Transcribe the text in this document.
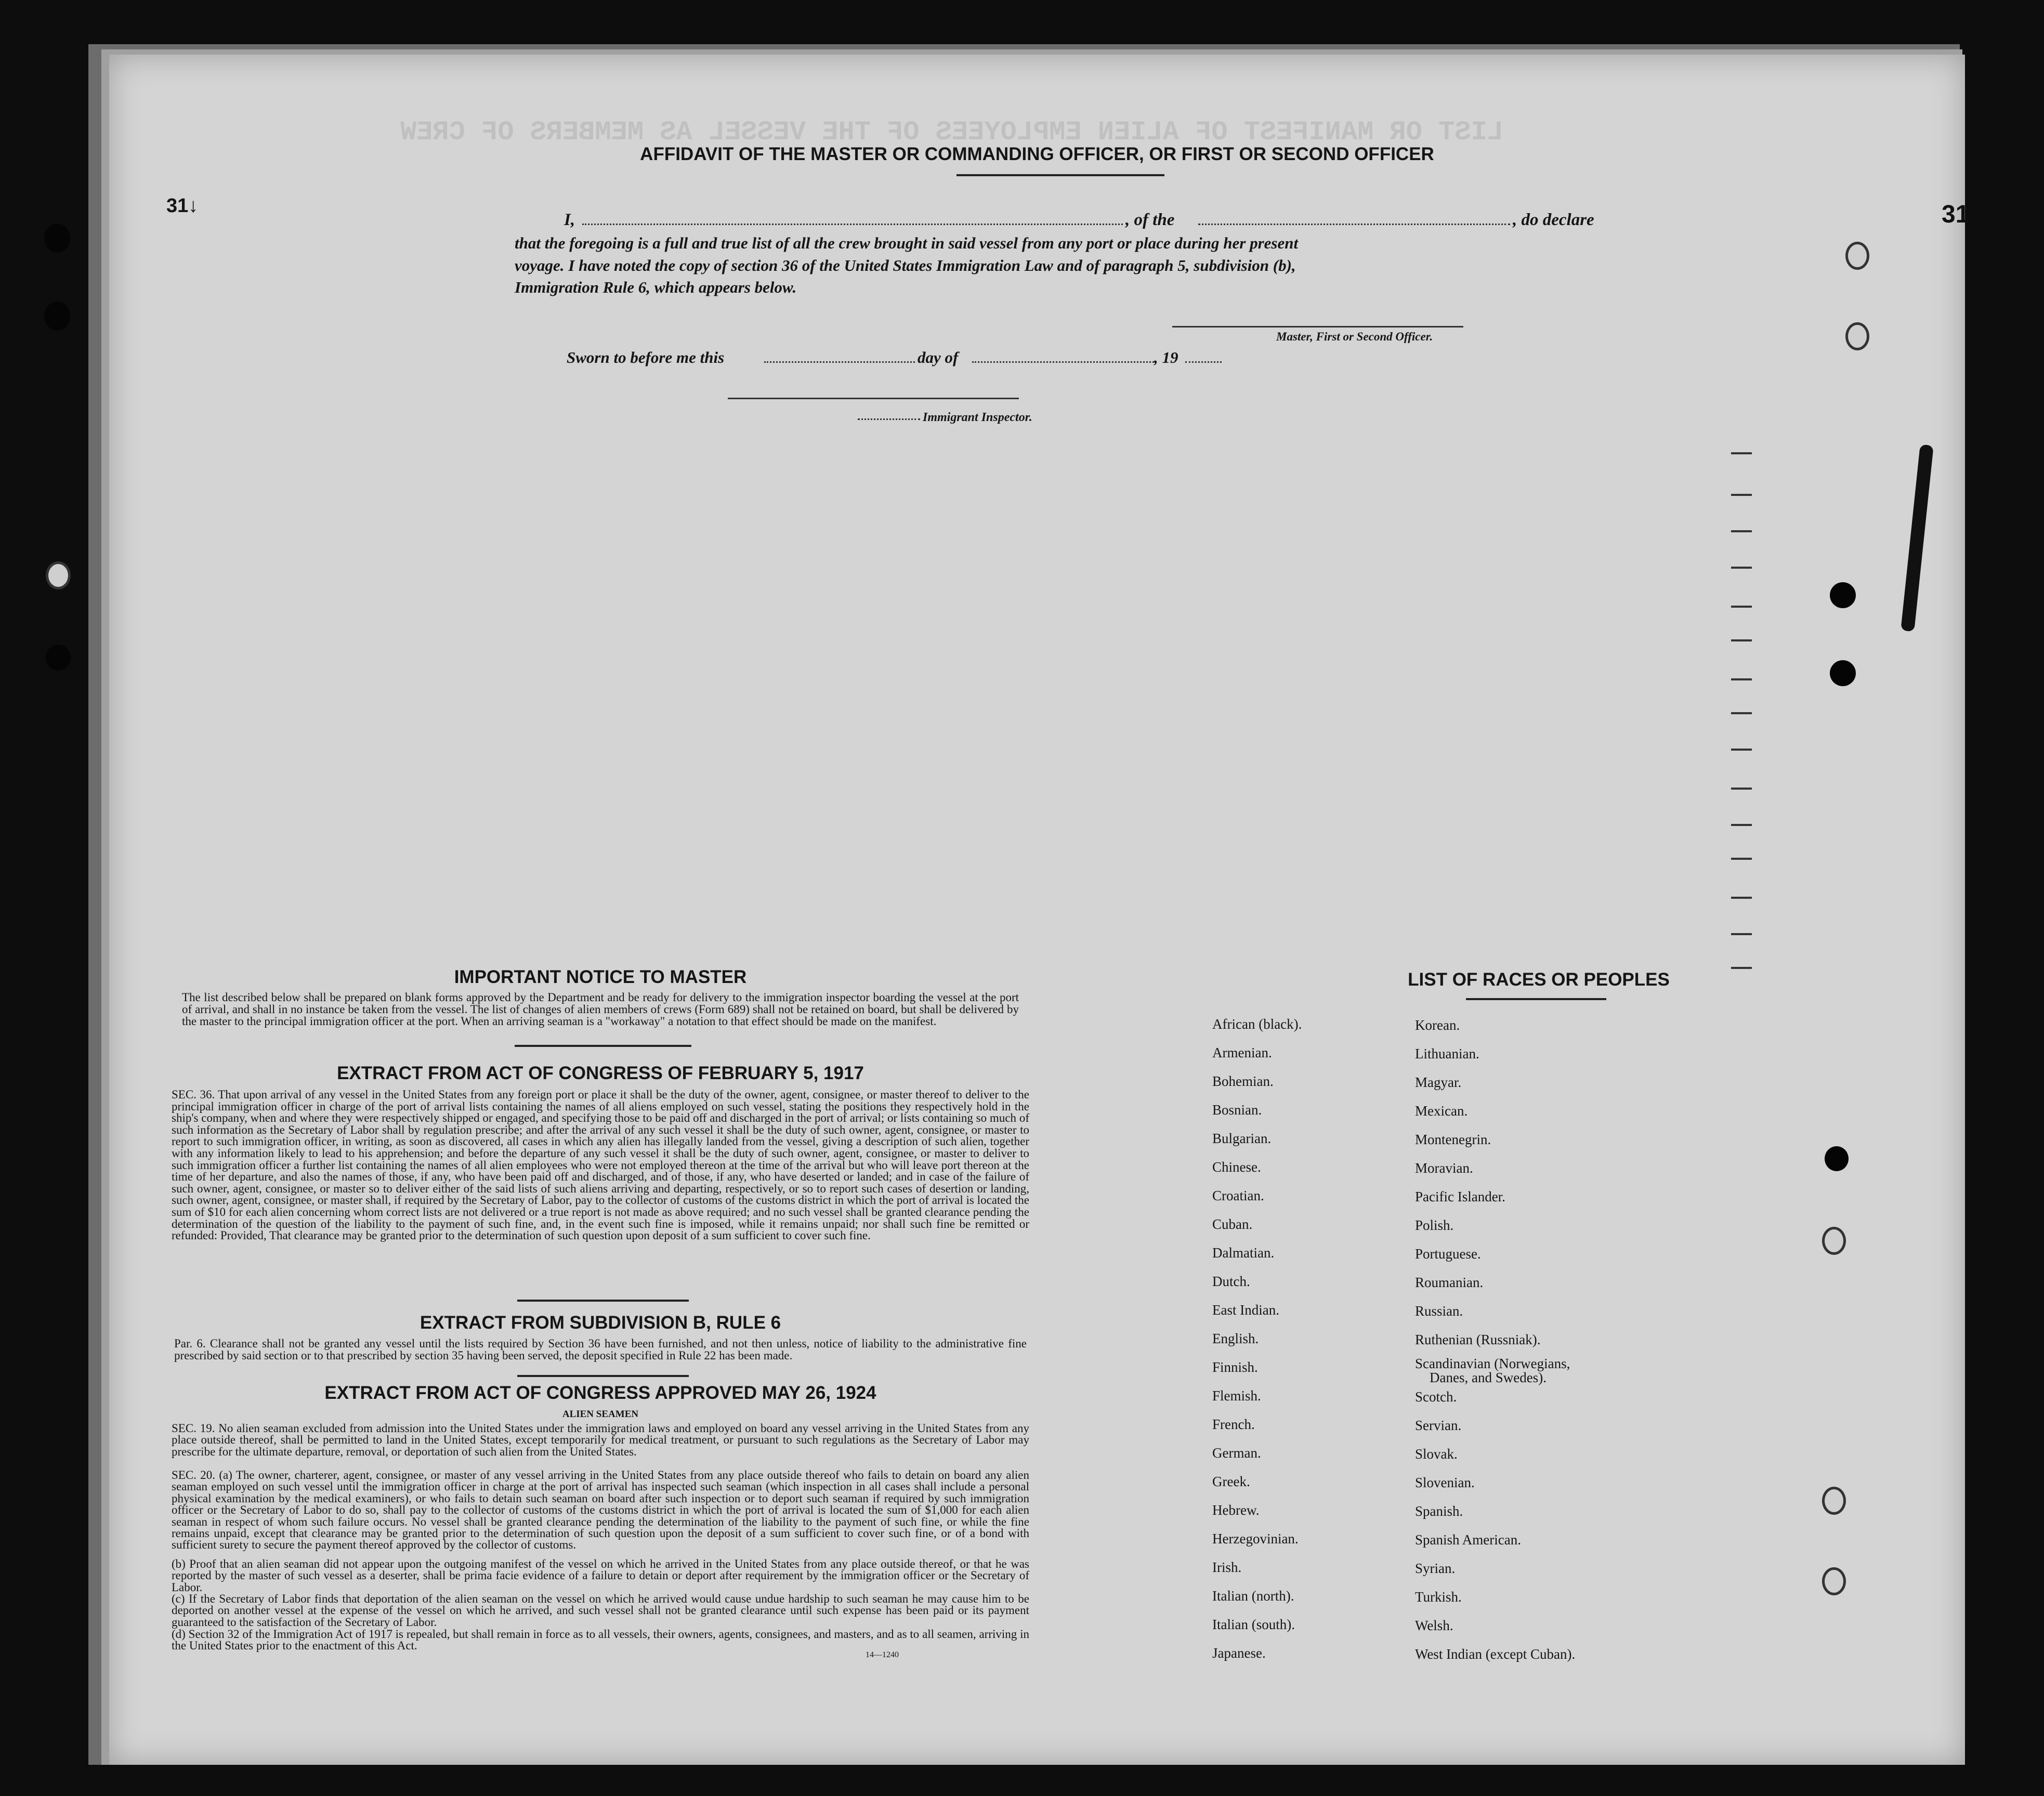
LIST OR MANIFEST OF ALIEN EMPLOYEES OF THE VESSEL AS MEMBERS OF CREW
31
31↓
AFFIDAVIT OF THE MASTER OR COMMANDING OFFICER, OR FIRST OR SECOND OFFICER
I,	, of the	, do declare
that the foregoing is a full and true list of all the crew brought in said vessel from any port or place during her present
voyage. I have noted the copy of section 36 of the United States Immigration Law and of paragraph 5, subdivision (b),
Immigration Rule 6, which appears below.
Master, First or Second Officer.
Sworn to before me this	day of	, 19
Immigrant Inspector.
IMPORTANT NOTICE TO MASTER
The list described below shall be prepared on blank forms approved by the Department and be ready for delivery to the immigration inspector boarding the vessel at the port of arrival, and shall in no instance be taken from the vessel. The list of changes of alien members of crews (Form 689) shall not be retained on board, but shall be delivered by the master to the principal immigration officer at the port. When an arriving seaman is a "workaway" a notation to that effect should be made on the manifest.
EXTRACT FROM ACT OF CONGRESS OF FEBRUARY 5, 1917
SEC. 36. That upon arrival of any vessel in the United States from any foreign port or place it shall be the duty of the owner, agent, consignee, or master thereof to deliver to the principal immigration officer in charge of the port of arrival lists containing the names of all aliens employed on such vessel, stating the positions they respectively hold in the ship's company, when and where they were respectively shipped or engaged, and specifying those to be paid off and discharged in the port of arrival; or lists containing so much of such information as the Secretary of Labor shall by regulation prescribe; and after the arrival of any such vessel it shall be the duty of such owner, agent, consignee, or master to report to such immigration officer, in writing, as soon as discovered, all cases in which any alien has illegally landed from the vessel, giving a description of such alien, together with any information likely to lead to his apprehension; and before the departure of any such vessel it shall be the duty of such owner, agent, consignee, or master to deliver to such immigration officer a further list containing the names of all alien employees who were not employed thereon at the time of the arrival but who will leave port thereon at the time of her departure, and also the names of those, if any, who have been paid off and discharged, and of those, if any, who have deserted or landed; and in case of the failure of such owner, agent, consignee, or master so to deliver either of the said lists of such aliens arriving and departing, respectively, or so to report such cases of desertion or landing, such owner, agent, consignee, or master shall, if required by the Secretary of Labor, pay to the collector of customs of the customs district in which the port of arrival is located the sum of $10 for each alien concerning whom correct lists are not delivered or a true report is not made as above required; and no such vessel shall be granted clearance pending the determination of the question of the liability to the payment of such fine, and, in the event such fine is imposed, while it remains unpaid; nor shall such fine be remitted or refunded: Provided, That clearance may be granted prior to the determination of such question upon deposit of a sum sufficient to cover such fine.
EXTRACT FROM SUBDIVISION B, RULE 6
Par. 6. Clearance shall not be granted any vessel until the lists required by Section 36 have been furnished, and not then unless, notice of liability to the administrative fine prescribed by said section or to that prescribed by section 35 having been served, the deposit specified in Rule 22 has been made.
EXTRACT FROM ACT OF CONGRESS APPROVED MAY 26, 1924
ALIEN SEAMEN
SEC. 19. No alien seaman excluded from admission into the United States under the immigration laws and employed on board any vessel arriving in the United States from any place outside thereof, shall be permitted to land in the United States, except temporarily for medical treatment, or pursuant to such regulations as the Secretary of Labor may prescribe for the ultimate departure, removal, or deportation of such alien from the United States.
SEC. 20. (a) The owner, charterer, agent, consignee, or master of any vessel arriving in the United States from any place outside thereof who fails to detain on board any alien seaman employed on such vessel until the immigration officer in charge at the port of arrival has inspected such seaman (which inspection in all cases shall include a personal physical examination by the medical examiners), or who fails to detain such seaman on board after such inspection or to deport such seaman if required by such immigration officer or the Secretary of Labor to do so, shall pay to the collector of customs of the customs district in which the port of arrival is located the sum of $1,000 for each alien seaman in respect of whom such failure occurs. No vessel shall be granted clearance pending the determination of the liability to the payment of such fine, or while the fine remains unpaid, except that clearance may be granted prior to the determination of such question upon the deposit of a sum sufficient to cover such fine, or of a bond with sufficient surety to secure the payment thereof approved by the collector of customs.
(b) Proof that an alien seaman did not appear upon the outgoing manifest of the vessel on which he arrived in the United States from any place outside thereof, or that he was reported by the master of such vessel as a deserter, shall be prima facie evidence of a failure to detain or deport after requirement by the immigration officer or the Secretary of Labor.
(c) If the Secretary of Labor finds that deportation of the alien seaman on the vessel on which he arrived would cause undue hardship to such seaman he may cause him to be deported on another vessel at the expense of the vessel on which he arrived, and such vessel shall not be granted clearance until such expense has been paid or its payment guaranteed to the satisfaction of the Secretary of Labor.
(d) Section 32 of the Immigration Act of 1917 is repealed, but shall remain in force as to all vessels, their owners, agents, consignees, and masters, and as to all seamen, arriving in the United States prior to the enactment of this Act.
14—1240
LIST OF RACES OR PEOPLES
African (black).
Armenian.
Bohemian.
Bosnian.
Bulgarian.
Chinese.
Croatian.
Cuban.
Dalmatian.
Dutch.
East Indian.
English.
Finnish.
Flemish.
French.
German.
Greek.
Hebrew.
Herzegovinian.
Irish.
Italian (north).
Italian (south).
Japanese.
Korean.
Lithuanian.
Magyar.
Mexican.
Montenegrin.
Moravian.
Pacific Islander.
Polish.
Portuguese.
Roumanian.
Russian.
Ruthenian (Russniak).
Scandinavian (Norwegians,
Danes, and Swedes).
Scotch.
Servian.
Slovak.
Slovenian.
Spanish.
Spanish American.
Syrian.
Turkish.
Welsh.
West Indian (except Cuban).
